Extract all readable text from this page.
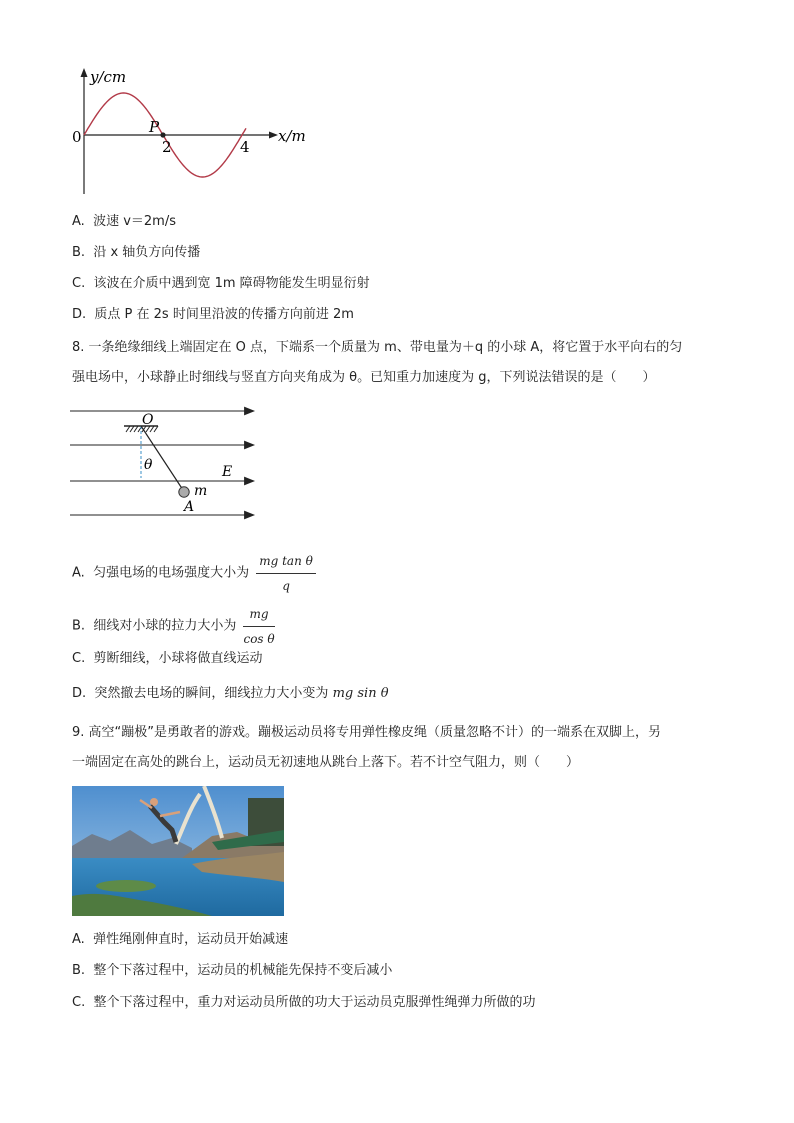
y/cm
x/m
0
P
2	4
A. 波速 v＝2m/s
B. 沿 x 轴负方向传播
C. 该波在介质中遇到宽 1m 障碍物能发生明显衍射
D. 质点 P 在 2s 时间里沿波的传播方向前进 2m
8. 一条绝缘细线上端固定在 O 点，下端系一个质量为 m、带电量为＋q 的小球 A，将它置于水平向右的匀
强电场中，小球静止时细线与竖直方向夹角成为 θ。已知重力加速度为 g，下列说法错误的是（　　）
O
θ	E
m
A
A. 匀强电场的电场强度大小为 $\frac{\text{mg tan θ}}{q}$
B. 细线对小球的拉力大小为 $\frac{mg}{\text{cos θ}}$
C. 剪断细线，小球将做直线运动
D. 突然撤去电场的瞬间，细线拉力大小变为 mg sin θ
9. 高空“蹦极”是勇敢者的游戏。蹦极运动员将专用弹性橡皮绳（质量忽略不计）的一端系在双脚上，另
一端固定在高处的跳台上，运动员无初速地从跳台上落下。若不计空气阻力，则（　　）
A. 弹性绳刚伸直时，运动员开始减速
B. 整个下落过程中，运动员的机械能先保持不变后减小
C. 整个下落过程中，重力对运动员所做的功大于运动员克服弹性绳弹力所做的功
